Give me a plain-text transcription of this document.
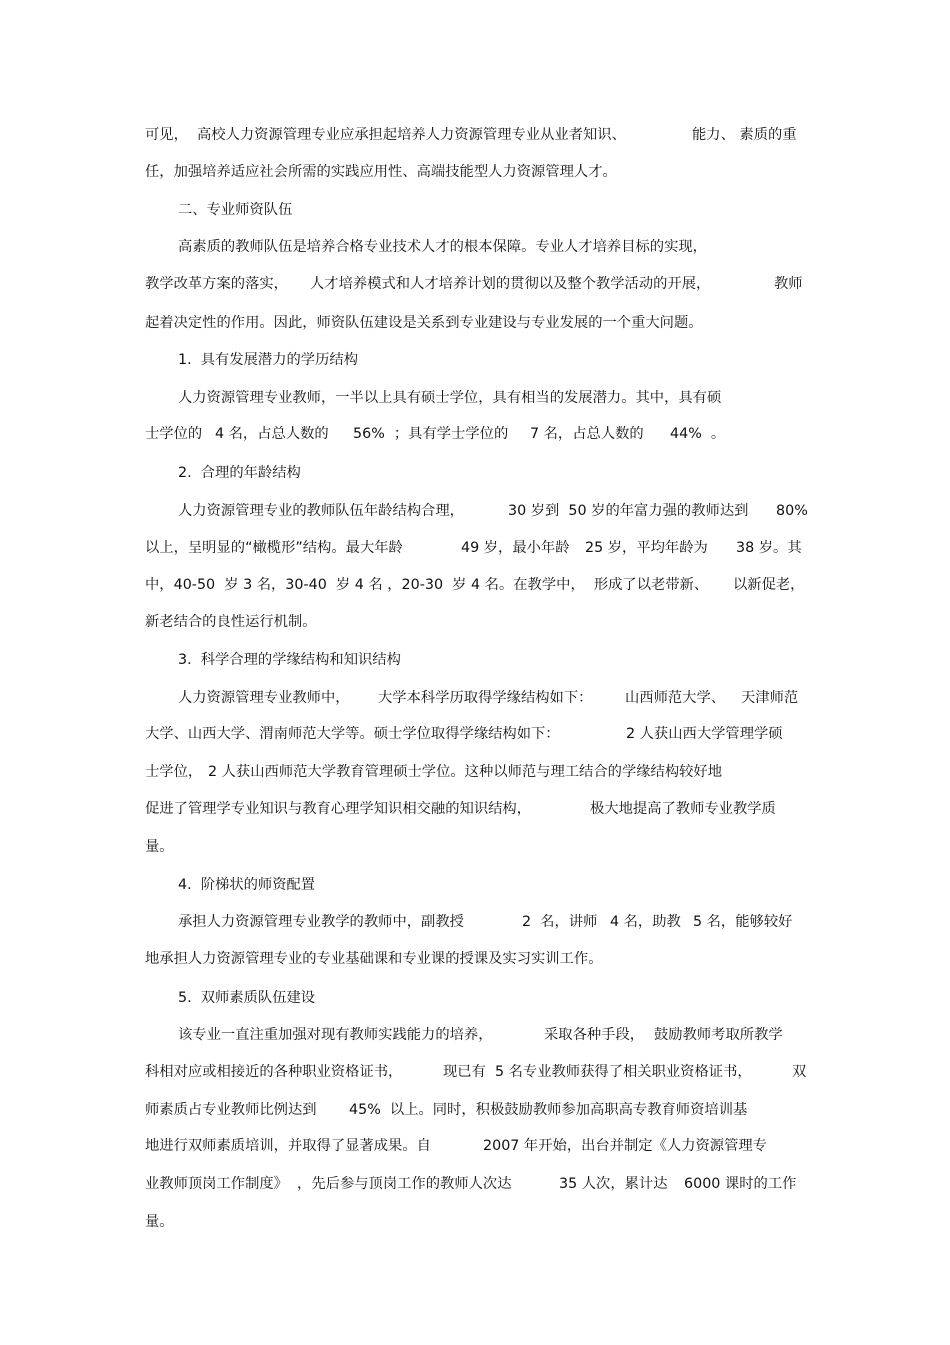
可见，  高校人力资源管理专业应承担起培养人力资源管理专业从业者知识、	能力、 素质的重
任，加强培养适应社会所需的实践应用性、高端技能型人力资源管理人才。
二、专业师资队伍
高素质的教师队伍是培养合格专业技术人才的根本保障。专业人才培养目标的实现，
教学改革方案的落实， 人才培养模式和人才培养计划的贯彻以及整个教学活动的开展，	教师
起着决定性的作用。因此，师资队伍建设是关系到专业建设与专业发展的一个重大问题。
1.  具有发展潜力的学历结构
人力资源管理专业教师，一半以上具有硕士学位，具有相当的发展潜力。其中，具有硕
士学位的 4 名，占总人数的 56%  ；具有学士学位的 7 名，占总人数的 44%  。
2.  合理的年龄结构
人力资源管理专业的教师队伍年龄结构合理，	30 岁到  50 岁的年富力强的教师达到 80%
以上，呈明显的“橄榄形”结构。最大年龄	49 岁，最小年龄 25 岁，平均年龄为 38 岁。其
中，40-50  岁 3 名，30-40  岁 4 名 ，20-30  岁 4 名。在教学中，  形成了以老带新、 以新促老，
新老结合的良性运行机制。
3.  科学合理的学缘结构和知识结构
人力资源管理专业教师中， 大学本科学历取得学缘结构如下： 山西师范大学、 天津师范
大学、山西大学、渭南师范大学等。硕士学位取得学缘结构如下：	2 人获山西大学管理学硕
士学位， 2 人获山西师范大学教育管理硕士学位。这种以师范与理工结合的学缘结构较好地
促进了管理学专业知识与教育心理学知识相交融的知识结构，	极大地提高了教师专业教学质
量。
4.  阶梯状的师资配置
承担人力资源管理专业教学的教师中，副教授	2  名，讲师 4 名，助教 5 名，能够较好
地承担人力资源管理专业的专业基础课和专业课的授课及实习实训工作。
5.  双师素质队伍建设
该专业一直注重加强对现有教师实践能力的培养，	采取各种手段， 鼓励教师考取所教学
科相对应或相接近的各种职业资格证书，	现已有  5 名专业教师获得了相关职业资格证书，	双
师素质占专业教师比例达到 45%  以上。同时，积极鼓励教师参加高职高专教育师资培训基
地进行双师素质培训，并取得了显著成果。自	2007 年开始，出台并制定《人力资源管理专
业教师顶岗工作制度》  ，先后参与顶岗工作的教师人次达	35 人次，累计达 6000 课时的工作
量。
